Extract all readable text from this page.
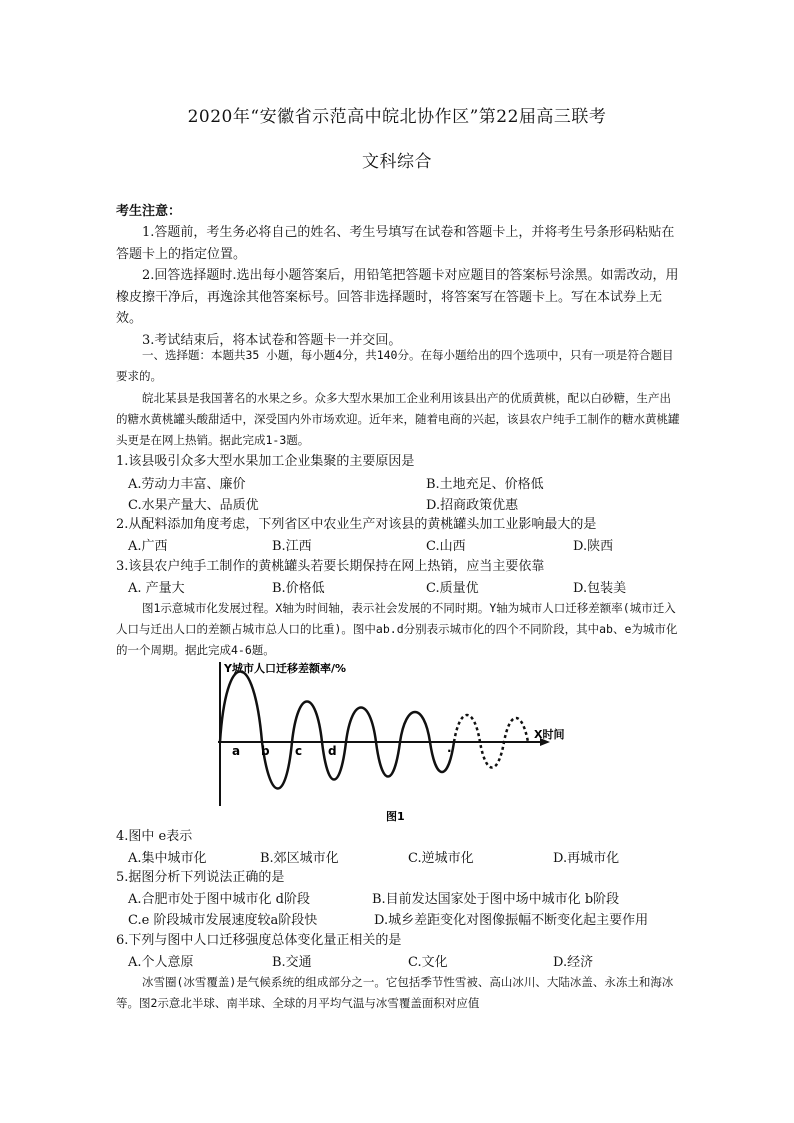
2020年“安徽省示范高中皖北协作区”第22届高三联考
文科综合
考生注意：
1.答题前，考生务必将自己的姓名、考生号填写在试卷和答题卡上，并将考生号条形码粘贴在答题卡上的指定位置。
2.回答选择题时.选出每小题答案后，用铅笔把答题卡对应题目的答案标号涂黑。如需改动，用橡皮擦干净后，再逸涂其他答案标号。回答非选择题时，将答案写在答题卡上。写在本试券上无效。
3.考试结束后，将本试卷和答题卡一并交回。
一、选择题：本题共35 小题，每小题4分，共140分。在每小题给出的四个选项中，只有一项是符合题目要求的。
皖北某县是我国著名的水果之乡。众多大型水果加工企业利用该县出产的优质黄桃，配以白砂糖，生产出的糖水黄桃罐头酸甜适中，深受国内外市场欢迎。近年来，随着电商的兴起，该县农户纯手工制作的糖水黄桃罐头更是在网上热销。据此完成1-3题。
1.该县吸引众多大型水果加工企业集聚的主要原因是
A.劳动力丰富、廉价	B.土地充足、价格低
C.水果产量大、品质优	D.招商政策优惠
2.从配料添加角度考虑，下列省区中农业生产对该县的黄桃罐头加工业影响最大的是
A.广西	B.江西	C.山西	D.陕西
3.该县农户纯手工制作的黄桃罐头若要长期保持在网上热销，应当主要依靠
A. 产量大	B.价格低	C.质量优	D.包装美
图1示意城市化发展过程。X轴为时间轴，表示社会发展的不同时期。Y轴为城市人口迁移差额率(城市迁入人口与迁出人口的差额占城市总人口的比重)。图中ab.d分别表示城市化的四个不同阶段，其中ab、e为城市化的一个周期。据此完成4-6题。
Y城市人口迁移差额率/%
X时间
a b c d	.
图1
4.图中 e表示
A.集中城市化	B.郊区城市化	C.逆城市化	D.再城市化
5.据图分析下列说法正确的是
A.合肥市处于图中城市化 d阶段	B.目前发达国家处于图中场中城市化 b阶段
C.e 阶段城市发展速度较a阶段快	D.城乡差距变化对图像振幅不断变化起主要作用
6.下列与图中人口迁移强度总体变化量正相关的是
A.个人意原	B.交通	C.文化	D.经济
冰雪圈(冰雪覆盖)是气候系统的组成部分之一。它包括季节性雪被、高山冰川、大陆冰盖、永冻土和海冰等。图2示意北半球、南半球、全球的月平均气温与冰雪覆盖面积对应值
